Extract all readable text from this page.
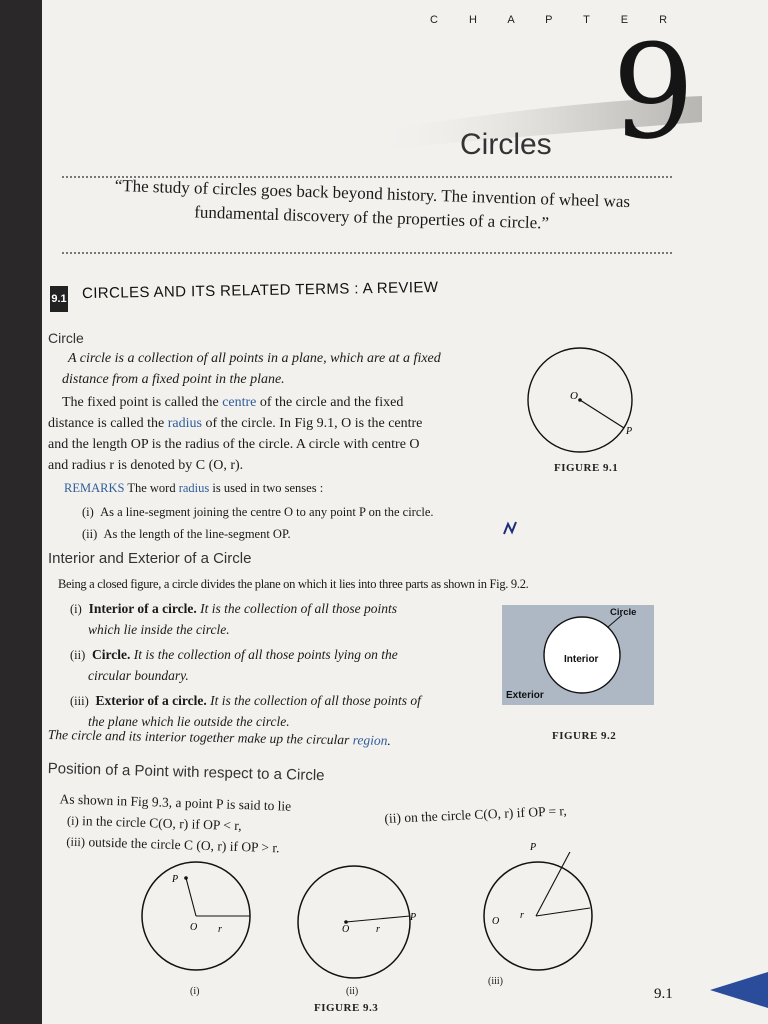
C H A P T E R
9
Circles
“The study of circles goes back beyond history. The invention of wheel was
fundamental discovery of the properties of a circle.”
9.1 CIRCLES AND ITS RELATED TERMS : A REVIEW
Circle
A circle is a collection of all points in a plane, which are at a fixed
distance from a fixed point in the plane.
The fixed point is called the centre of the circle and the fixed
distance is called the radius of the circle. In Fig 9.1, O is the centre
and the length OP is the radius of the circle. A circle with centre O
and radius r is denoted by C (O, r).
O
P
FIGURE 9.1
REMARKS The word radius is used in two senses :
(i) As a line-segment joining the centre O to any point P on the circle.
(ii) As the length of the line-segment OP.
Interior and Exterior of a Circle
Being a closed figure, a circle divides the plane on which it lies into three parts as shown in Fig. 9.2.
(i) Interior of a circle. It is the collection of all those points
which lie inside the circle.
(ii) Circle. It is the collection of all those points lying on the
circular boundary.
(iii) Exterior of a circle. It is the collection of all those points of
the plane which lie outside the circle.
Circle
Interior
Exterior
FIGURE 9.2
The circle and its interior together make up the circular region.
Position of a Point with respect to a Circle
As shown in Fig 9.3, a point P is said to lie
(i) in the circle C(O, r) if OP < r,
(iii) outside the circle C (O, r) if OP > r.
(ii) on the circle C(O, r) if OP = r,
P
O r	O	r
P
P
O
r
(i)	(ii)
(iii)
FIGURE 9.3
9.1
